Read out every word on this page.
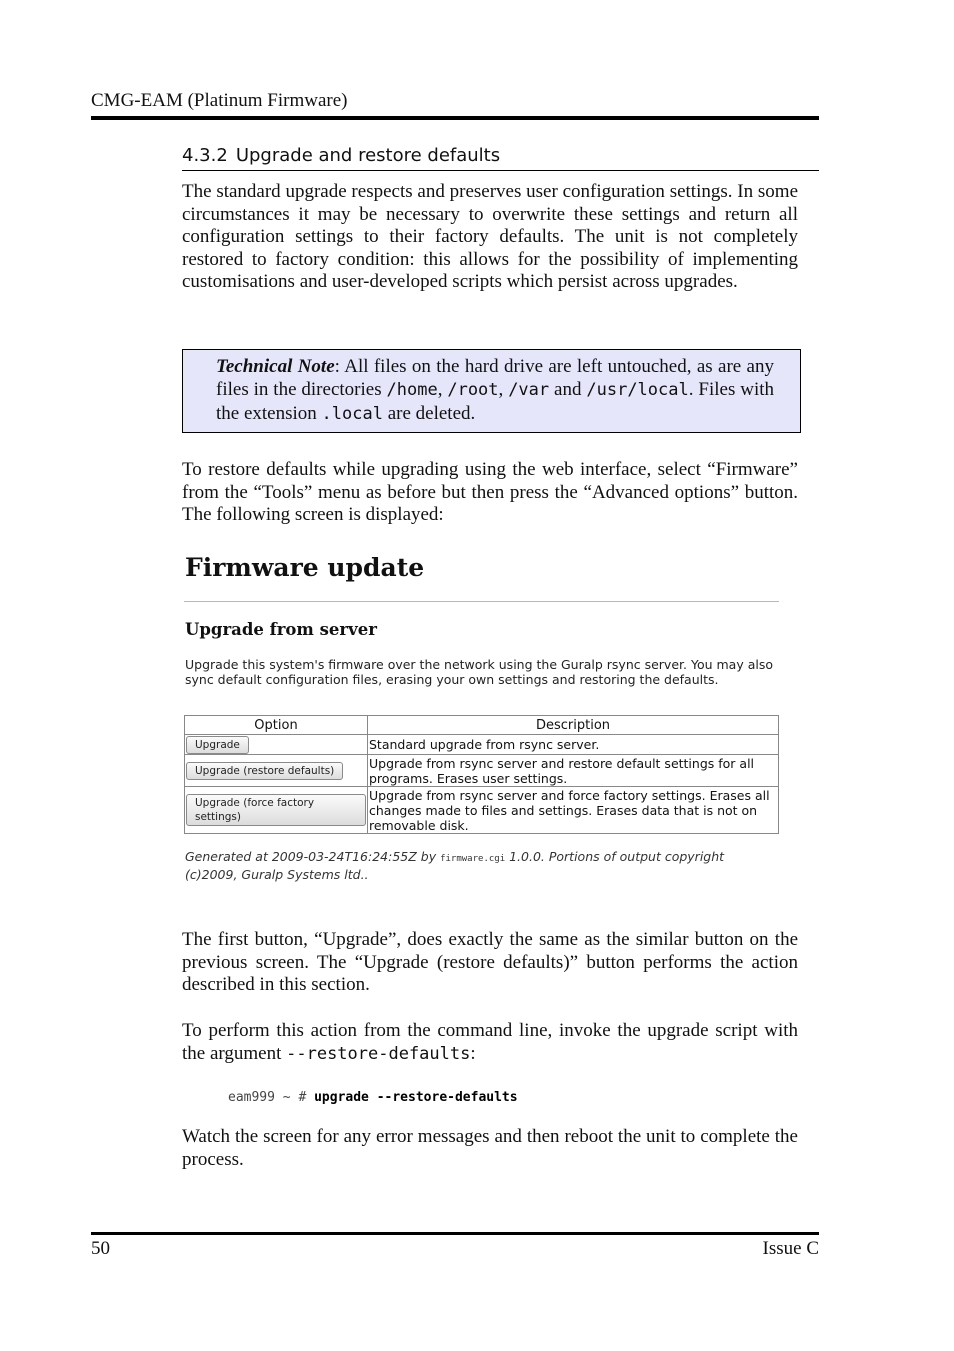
CMG-EAM (Platinum Firmware)
4.3.2 Upgrade and restore defaults
The standard upgrade respects and preserves user configuration settings. In some circumstances it may be necessary to overwrite these settings and return all configuration settings to their factory defaults. The unit is not completely restored to factory condition: this allows for the possibility of implementing customisations and user-developed scripts which persist across upgrades.
Technical Note: All files on the hard drive are left untouched, as are any files in the directories /home, /root, /var and /usr/local. Files with the extension .local are deleted.
To restore defaults while upgrading using the web interface, select “Firmware” from the “Tools” menu as before but then press the “Advanced options” button. The following screen is displayed:
Firmware update
Upgrade from server
Upgrade this system's firmware over the network using the Guralp rsync server. You may also sync default configuration files, erasing your own settings and restoring the defaults.
Option	Description
Upgrade	Standard upgrade from rsync server.
Upgrade (restore defaults)	Upgrade from rsync server and restore default settings for all programs. Erases user settings.
Upgrade (force factory settings)	Upgrade from rsync server and force factory settings. Erases all changes made to files and settings. Erases data that is not on removable disk.
Generated at 2009-03-24T16:24:55Z by firmware.cgi 1.0.0. Portions of output copyright (c)2009, Guralp Systems ltd..
The first button, “Upgrade”, does exactly the same as the similar button on the previous screen. The “Upgrade (restore defaults)” button performs the action described in this section.
To perform this action from the command line, invoke the upgrade script with the argument --restore-defaults:
eam999 ~ # upgrade --restore-defaults
Watch the screen for any error messages and then reboot the unit to complete the process.
50	Issue C
